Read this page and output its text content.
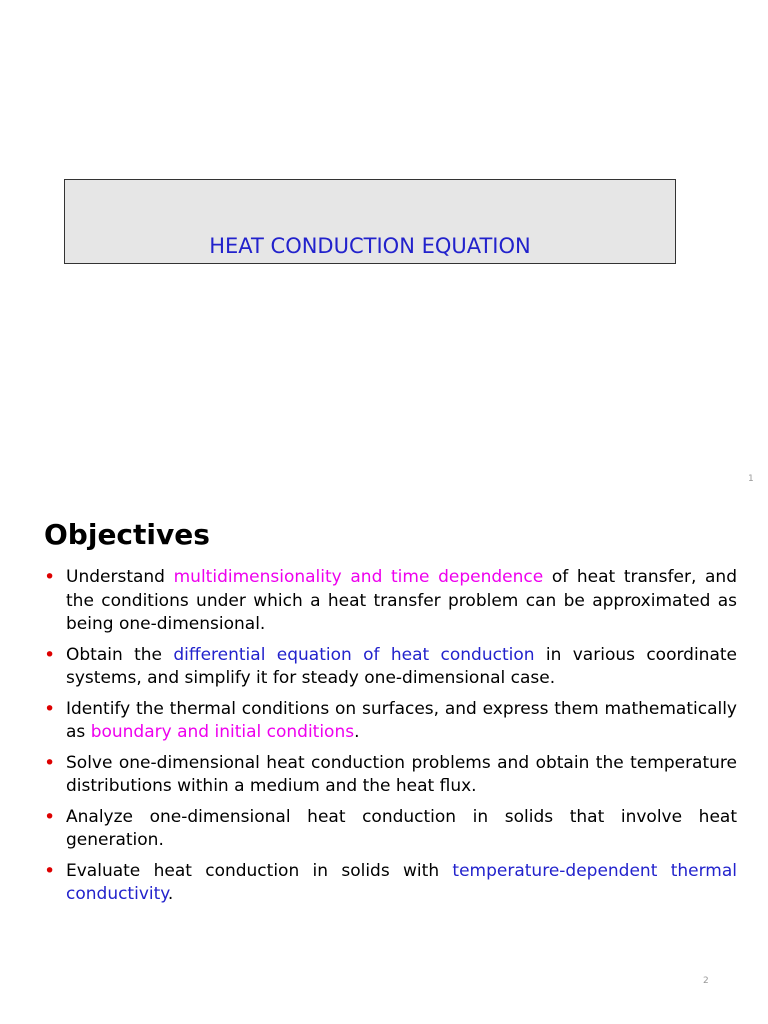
HEAT CONDUCTION EQUATION
1
Objectives
• Understand multidimensionality and time dependence of heat transfer, and the conditions under which a heat transfer problem can be approximated as being one-dimensional.
• Obtain the differential equation of heat conduction in various coordinate systems, and simplify it for steady one-dimensional case.
• Identify the thermal conditions on surfaces, and express them mathematically as boundary and initial conditions.
• Solve one-dimensional heat conduction problems and obtain the temperature distributions within a medium and the heat flux.
• Analyze one-dimensional heat conduction in solids that involve heat generation.
• Evaluate heat conduction in solids with temperature-dependent thermal conductivity.
2
